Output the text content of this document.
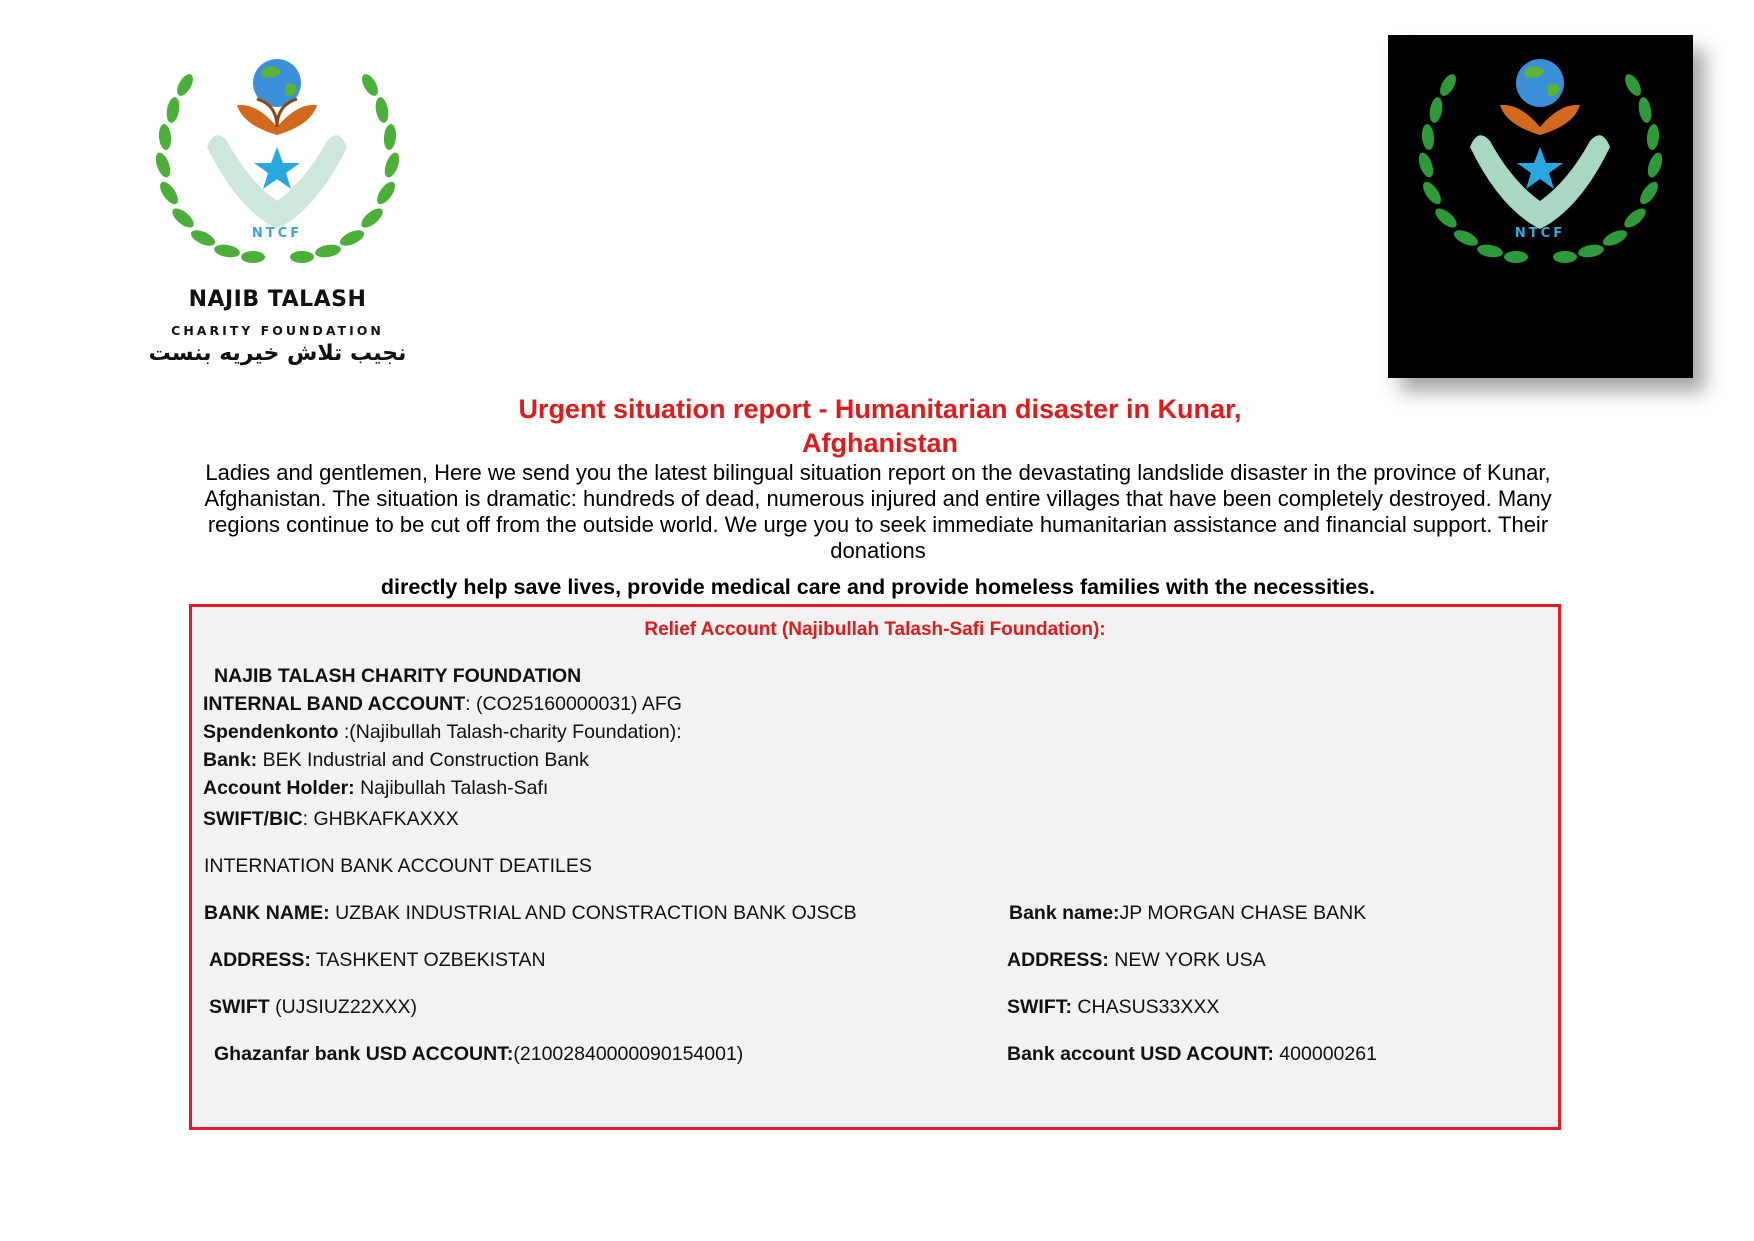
NTCF
NAJIB TALASH
CHARITY FOUNDATION
نجیب تلاش خیریه بنست
NTCF
Urgent situation report - Humanitarian disaster in Kunar,
Afghanistan
Ladies and gentlemen, Here we send you the latest bilingual situation report on the devastating landslide disaster in the province of Kunar, Afghanistan. The situation is dramatic: hundreds of dead, numerous injured and entire villages that have been completely destroyed. Many regions continue to be cut off from the outside world. We urge you to seek immediate humanitarian assistance and financial support. Their donations
directly help save lives, provide medical care and provide homeless families with the necessities.
Relief Account (Najibullah Talash-Safi Foundation):
NAJIB TALASH CHARITY FOUNDATION
INTERNAL BAND ACCOUNT: (CO25160000031) AFG
Spendenkonto :(Najibullah Talash-charity Foundation):
Bank: BEK Industrial and Construction Bank
Account Holder: Najibullah Talash-Safı
SWIFT/BIC: GHBKAFKAXXX
INTERNATION BANK ACCOUNT DEATILES
BANK NAME: UZBAK INDUSTRIAL AND CONSTRACTION BANK OJSCB
ADDRESS: TASHKENT OZBEKISTAN
SWIFT (UJSIUZ22XXX)
Ghazanfar bank USD ACCOUNT:(21002840000090154001)
Bank name:JP MORGAN CHASE BANK
ADDRESS: NEW YORK USA
SWIFT: CHASUS33XXX
Bank account USD ACOUNT: 400000261
